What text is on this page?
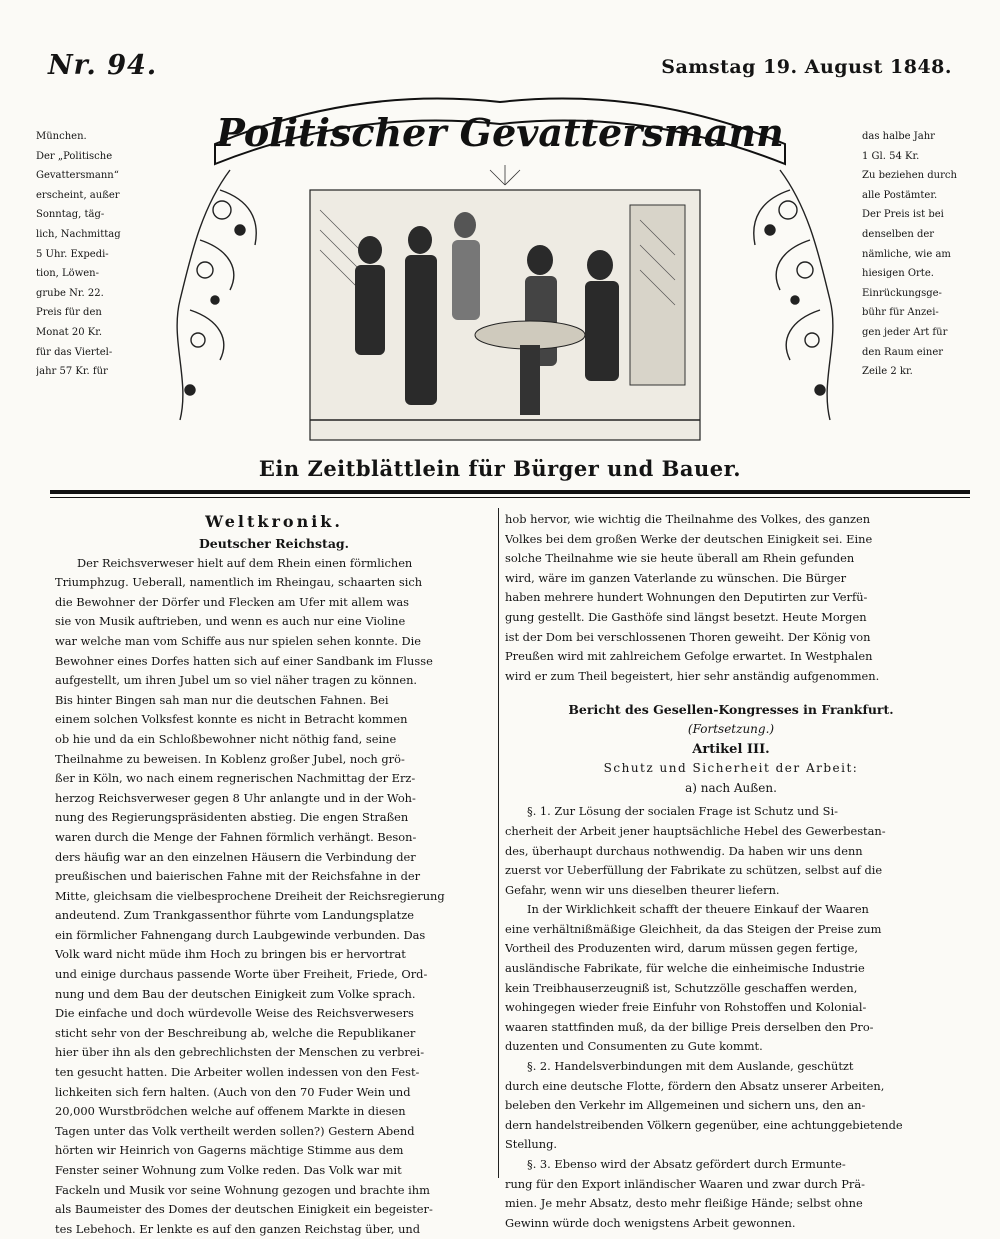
Nr. 94.	Samstag 19. August 1848.
Politischer Gevattersmann
München.
Der „Politische
Gevattersmann“
erscheint, außer
Sonntag, täg-
lich, Nachmittag
5 Uhr. Expedi-
tion, Löwen-
grube Nr. 22.
Preis für den
Monat 20 Kr.
für das Viertel-
jahr 57 Kr. für
das halbe Jahr
1 Gl. 54 Kr.
Zu beziehen durch
alle Postämter.
Der Preis ist bei
denselben der
nämliche, wie am
hiesigen Orte.
Einrückungsge-
bühr für Anzei-
gen jeder Art für
den Raum einer
Zeile 2 kr.
Ein Zeitblättlein für Bürger und Bauer.
Weltkronik.
Deutscher Reichstag.
Der Reichsverweser hielt auf dem Rhein einen förmlichen
Triumphzug. Ueberall, namentlich im Rheingau, schaarten sich
die Bewohner der Dörfer und Flecken am Ufer mit allem was
sie von Musik auftrieben, und wenn es auch nur eine Violine
war welche man vom Schiffe aus nur spielen sehen konnte. Die
Bewohner eines Dorfes hatten sich auf einer Sandbank im Flusse
aufgestellt, um ihren Jubel um so viel näher tragen zu können.
Bis hinter Bingen sah man nur die deutschen Fahnen. Bei
einem solchen Volksfest konnte es nicht in Betracht kommen
ob hie und da ein Schloßbewohner nicht nöthig fand, seine
Theilnahme zu beweisen. In Koblenz großer Jubel, noch grö-
ßer in Köln, wo nach einem regnerischen Nachmittag der Erz-
herzog Reichsverweser gegen 8 Uhr anlangte und in der Woh-
nung des Regierungspräsidenten abstieg. Die engen Straßen
waren durch die Menge der Fahnen förmlich verhängt. Beson-
ders häufig war an den einzelnen Häusern die Verbindung der
preußischen und baierischen Fahne mit der Reichsfahne in der
Mitte, gleichsam die vielbesprochene Dreiheit der Reichsregierung
andeutend. Zum Trankgassenthor führte vom Landungsplatze
ein förmlicher Fahnengang durch Laubgewinde verbunden. Das
Volk ward nicht müde ihm Hoch zu bringen bis er hervortrat
und einige durchaus passende Worte über Freiheit, Friede, Ord-
nung und dem Bau der deutschen Einigkeit zum Volke sprach.
Die einfache und doch würdevolle Weise des Reichsverwesers
sticht sehr von der Beschreibung ab, welche die Republikaner
hier über ihn als den gebrechlichsten der Menschen zu verbrei-
ten gesucht hatten. Die Arbeiter wollen indessen von den Fest-
lichkeiten sich fern halten. (Auch von den 70 Fuder Wein und
20,000 Wurstbrödchen welche auf offenem Markte in diesen
Tagen unter das Volk vertheilt werden sollen?) Gestern Abend
hörten wir Heinrich von Gagerns mächtige Stimme aus dem
Fenster seiner Wohnung zum Volke reden. Das Volk war mit
Fackeln und Musik vor seine Wohnung gezogen und brachte ihm
als Baumeister des Domes der deutschen Einigkeit ein begeister-
tes Lebehoch. Er lenkte es auf den ganzen Reichstag über, und
hob hervor, wie wichtig die Theilnahme des Volkes, des ganzen
Volkes bei dem großen Werke der deutschen Einigkeit sei. Eine
solche Theilnahme wie sie heute überall am Rhein gefunden
wird, wäre im ganzen Vaterlande zu wünschen. Die Bürger
haben mehrere hundert Wohnungen den Deputirten zur Verfü-
gung gestellt. Die Gasthöfe sind längst besetzt. Heute Morgen
ist der Dom bei verschlossenen Thoren geweiht. Der König von
Preußen wird mit zahlreichem Gefolge erwartet. In Westphalen
wird er zum Theil begeistert, hier sehr anständig aufgenommen.
Bericht des Gesellen-Kongresses in Frankfurt.
(Fortsetzung.)
Artikel III.
Schutz und Sicherheit der Arbeit:
a) nach Außen.
§. 1. Zur Lösung der socialen Frage ist Schutz und Si-
cherheit der Arbeit jener hauptsächliche Hebel des Gewerbestan-
des, überhaupt durchaus nothwendig. Da haben wir uns denn
zuerst vor Ueberfüllung der Fabrikate zu schützen, selbst auf die
Gefahr, wenn wir uns dieselben theurer liefern.
In der Wirklichkeit schafft der theuere Einkauf der Waaren
eine verhältnißmäßige Gleichheit, da das Steigen der Preise zum
Vortheil des Produzenten wird, darum müssen gegen fertige,
ausländische Fabrikate, für welche die einheimische Industrie
kein Treibhauserzeugniß ist, Schutzzölle geschaffen werden,
wohingegen wieder freie Einfuhr von Rohstoffen und Kolonial-
waaren stattfinden muß, da der billige Preis derselben den Pro-
duzenten und Consumenten zu Gute kommt.
§. 2. Handelsverbindungen mit dem Auslande, geschützt
durch eine deutsche Flotte, fördern den Absatz unserer Arbeiten,
beleben den Verkehr im Allgemeinen und sichern uns, den an-
dern handelstreibenden Völkern gegenüber, eine achtunggebietende
Stellung.
§. 3. Ebenso wird der Absatz gefördert durch Ermunte-
rung für den Export inländischer Waaren und zwar durch Prä-
mien. Je mehr Absatz, desto mehr fleißige Hände; selbst ohne
Gewinn würde doch wenigstens Arbeit gewonnen.
